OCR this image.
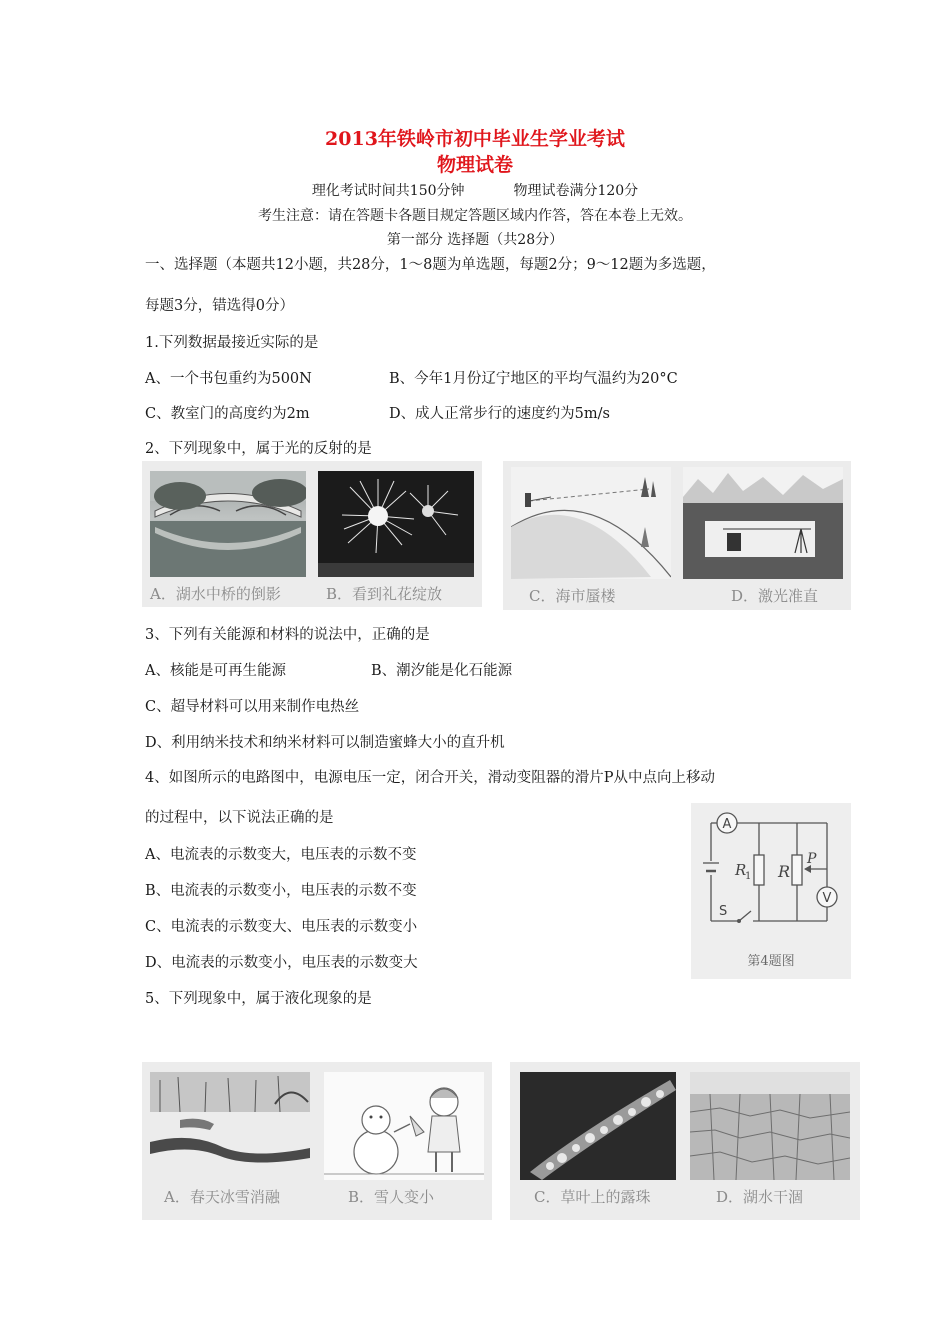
2013年铁岭市初中毕业生学业考试
物理试卷
理化考试时间共150分钟	物理试卷满分120分
考生注意：请在答题卡各题目规定答题区域内作答，答在本卷上无效。
第一部分 选择题（共28分）
一、选择题（本题共12小题，共28分，1～8题为单选题，每题2分；9～12题为多选题，
每题3分，错选得0分）
1.下列数据最接近实际的是
A、一个书包重约为500N	B、今年1月份辽宁地区的平均气温约为20°C
C、教室门的高度约为2m	D、成人正常步行的速度约为5m/s
2、下列现象中，属于光的反射的是
A．湖水中桥的倒影	B．看到礼花绽放	C．海市蜃楼	D．激光准直
3、下列有关能源和材料的说法中，正确的是
A、核能是可再生能源	B、潮汐能是化石能源
C、超导材料可以用来制作电热丝
D、利用纳米技术和纳米材料可以制造蜜蜂大小的直升机
4、如图所示的电路图中，电源电压一定，闭合开关，滑动变阻器的滑片P从中点向上移动
的过程中，以下说法正确的是
A、电流表的示数变大，电压表的示数不变
B、电流表的示数变小，电压表的示数不变
C、电流表的示数变大、电压表的示数变小
D、电流表的示数变小，电压表的示数变大
A
V
R
1 R
P
S
第4题图
5、下列现象中，属于液化现象的是
A．春天冰雪消融	B．雪人变小	C．草叶上的露珠	D．湖水干涸
